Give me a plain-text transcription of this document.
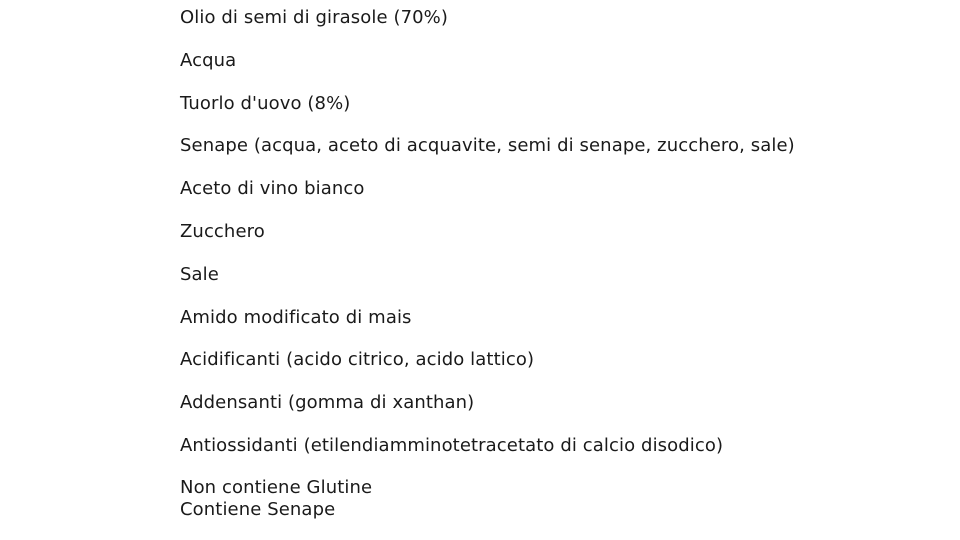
Olio di semi di girasole (70%)
Acqua
Tuorlo d'uovo (8%)
Senape (acqua, aceto di acquavite, semi di senape, zucchero, sale)
Aceto di vino bianco
Zucchero
Sale
Amido modificato di mais
Acidificanti (acido citrico, acido lattico)
Addensanti (gomma di xanthan)
Antiossidanti (etilendiamminotetracetato di calcio disodico)
Non contiene Glutine
Contiene Senape
